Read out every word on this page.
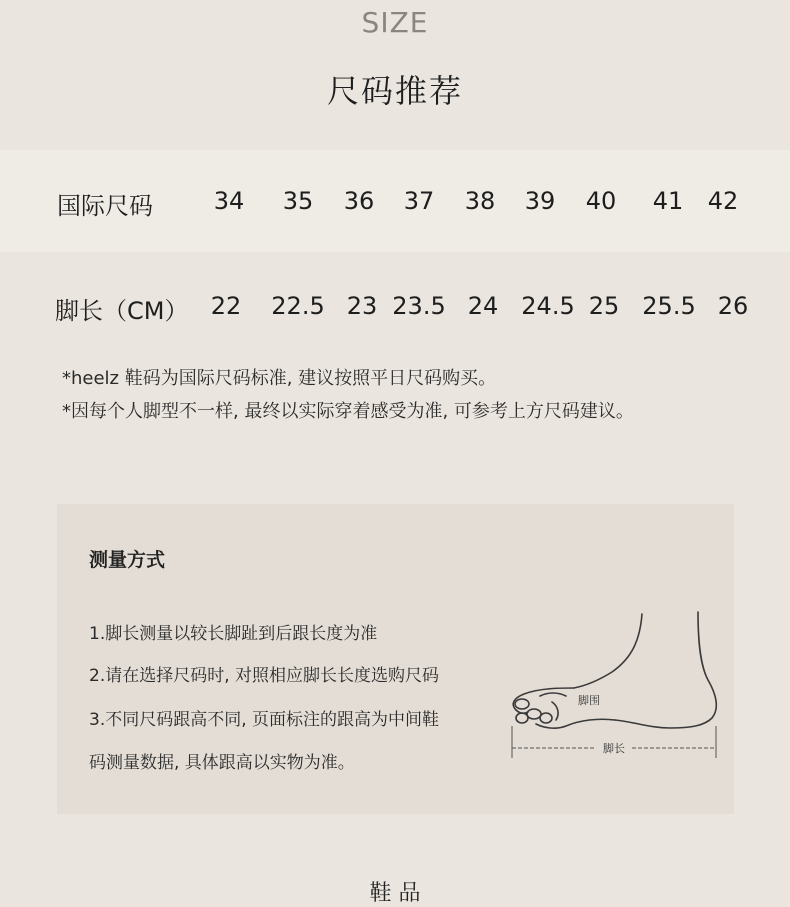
SIZE
尺码推荐
国际尺码	34 35 36 37 38 39 40 41 42
脚长（CM） 22 22.5 23 23.5 24 24.5 25 25.5 26
*heelz 鞋码为国际尺码标准, 建议按照平日尺码购买。
*因每个人脚型不一样, 最终以实际穿着感受为准, 可参考上方尺码建议。
测量方式
1.脚长测量以较长脚趾到后跟长度为准
2.请在选择尺码时, 对照相应脚长长度选购尺码
3.不同尺码跟高不同, 页面标注的跟高为中间鞋
码测量数据, 具体跟高以实物为准。
脚围
脚长
鞋 品
